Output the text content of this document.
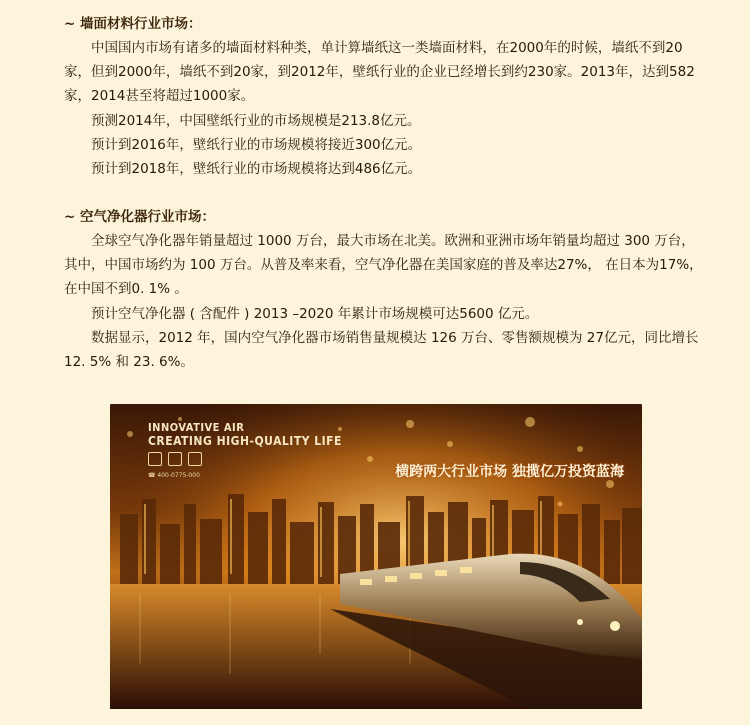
~ 墙面材料行业市场：
中国国内市场有诸多的墙面材料种类，单计算墙纸这一类墙面材料，在2000年的时候，墙纸不到20家，但到2000年，墙纸不到20家，到2012年，壁纸行业的企业已经增长到约230家。2013年，达到582家，2014甚至将超过1000家。
预测2014年，中国壁纸行业的市场规模是213.8亿元。
预计到2016年，壁纸行业的市场规模将接近300亿元。
预计到2018年，壁纸行业的市场规模将达到486亿元。
~ 空气净化器行业市场：
全球空气净化器年销量超过 1000 万台，最大市场在北美。欧洲和亚洲市场年销量均超过 300 万台，其中，中国市场约为 100 万台。从普及率来看，空气净化器在美国家庭的普及率达27%， 在日本为17%， 在中国不到0. 1% 。
预计空气净化器 ( 含配件 ) 2013 –2020 年累计市场规模可达5600 亿元。
数据显示，2012 年，国内空气净化器市场销售量规模达 126 万台、零售额规模为 27亿元，同比增长 12. 5% 和 23. 6%。
INNOVATIVE AIR
CREATING HIGH-QUALITY LIFE
☎ 400-0775-000	横跨两大行业市场 独揽亿万投资蓝海
